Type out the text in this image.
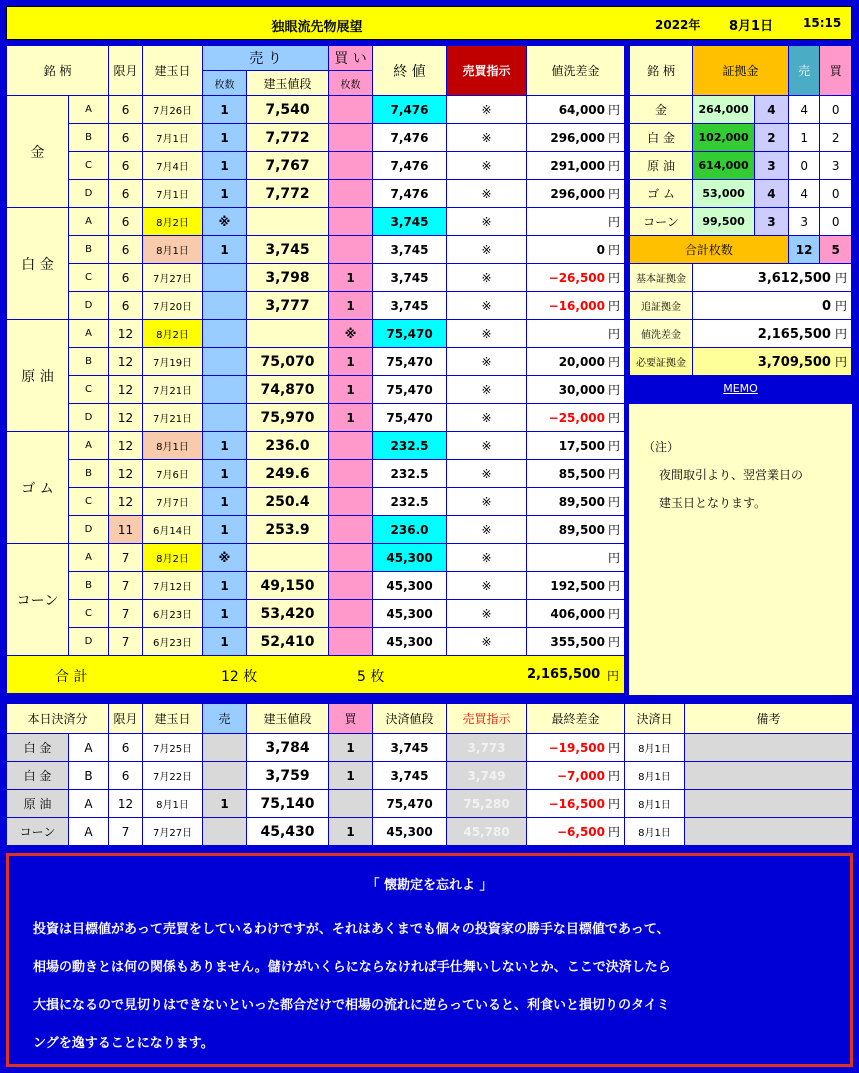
独眼流先物展望	2022年 8月1日 15:15
銘 柄		限月	建玉日	売 り		買 い	終 値	売買指示	値洗差金
				枚数	建玉値段	枚数			
金	A	6	7月26日	1	7,540		7,476	※	64,000 円
	B	6	7月1日	1	7,772		7,476	※	296,000 円
	C	6	7月4日	1	7,767		7,476	※	291,000 円
	D	6	7月1日	1	7,772		7,476	※	296,000 円
白 金	A	6	8月2日	※			3,745	※	円
	B	6	8月1日	1	3,745		3,745	※	0 円
	C	6	7月27日		3,798	1	3,745	※	−26,500 円
	D	6	7月20日		3,777	1	3,745	※	−16,000 円
原 油	A	12	8月2日			※	75,470	※	円
	B	12	7月19日		75,070	1	75,470	※	20,000 円
	C	12	7月21日		74,870	1	75,470	※	30,000 円
	D	12	7月21日		75,970	1	75,470	※	−25,000 円
ゴ ム	A	12	8月1日	1	236.0		232.5	※	17,500 円
	B	12	7月6日	1	249.6		232.5	※	85,500 円
	C	12	7月7日	1	250.4		232.5	※	89,500 円
	D	11	6月14日	1	253.9		236.0	※	89,500 円
コーン	A	7	8月2日	※			45,300	※	円
	B	7	7月12日	1	49,150		45,300	※	192,500 円
	C	7	6月23日	1	53,420		45,300	※	406,000 円
	D	7	6月23日	1	52,410		45,300	※	355,500 円

合 計 12 枚 5 枚 2,165,500 円									
銘 柄	証拠金		売	買
金	264,000	4	4	0
白 金	102,000	2	1	2
原 油	614,000	3	0	3
ゴ ム	53,000	4	4	0
コーン	99,500	3	3	0
合計枚数			12	5
基本証拠金	3,612,500 円			
追証拠金	0 円			
値洗差金	2,165,500 円			
必要証拠金	3,709,500 円			
MEMO
（注）
夜間取引より、翌営業日の
建玉日となります。
本日決済分		限月	建玉日	売	建玉値段	買	決済値段	売買指示	最終差金	決済日	備考
白 金	A	6	7月25日		3,784	1	3,745	3,773	−19,500 円	8月1日	
白 金	B	6	7月22日		3,759	1	3,745	3,749	−7,000 円	8月1日	
原 油	A	12	8月1日	1	75,140		75,470	75,280	−16,500 円	8月1日	
コーン	A	7	7月27日		45,430	1	45,300	45,780	−6,500 円	8月1日	
「 懐勘定を忘れよ 」
投資は目標値があって売買をしているわけですが、それはあくまでも個々の投資家の勝手な目標値であって、
相場の動きとは何の関係もありません。儲けがいくらにならなければ手仕舞いしないとか、ここで決済したら
大損になるので見切りはできないといった都合だけで相場の流れに逆らっていると、利食いと損切りのタイミ
ングを逸することになります。
